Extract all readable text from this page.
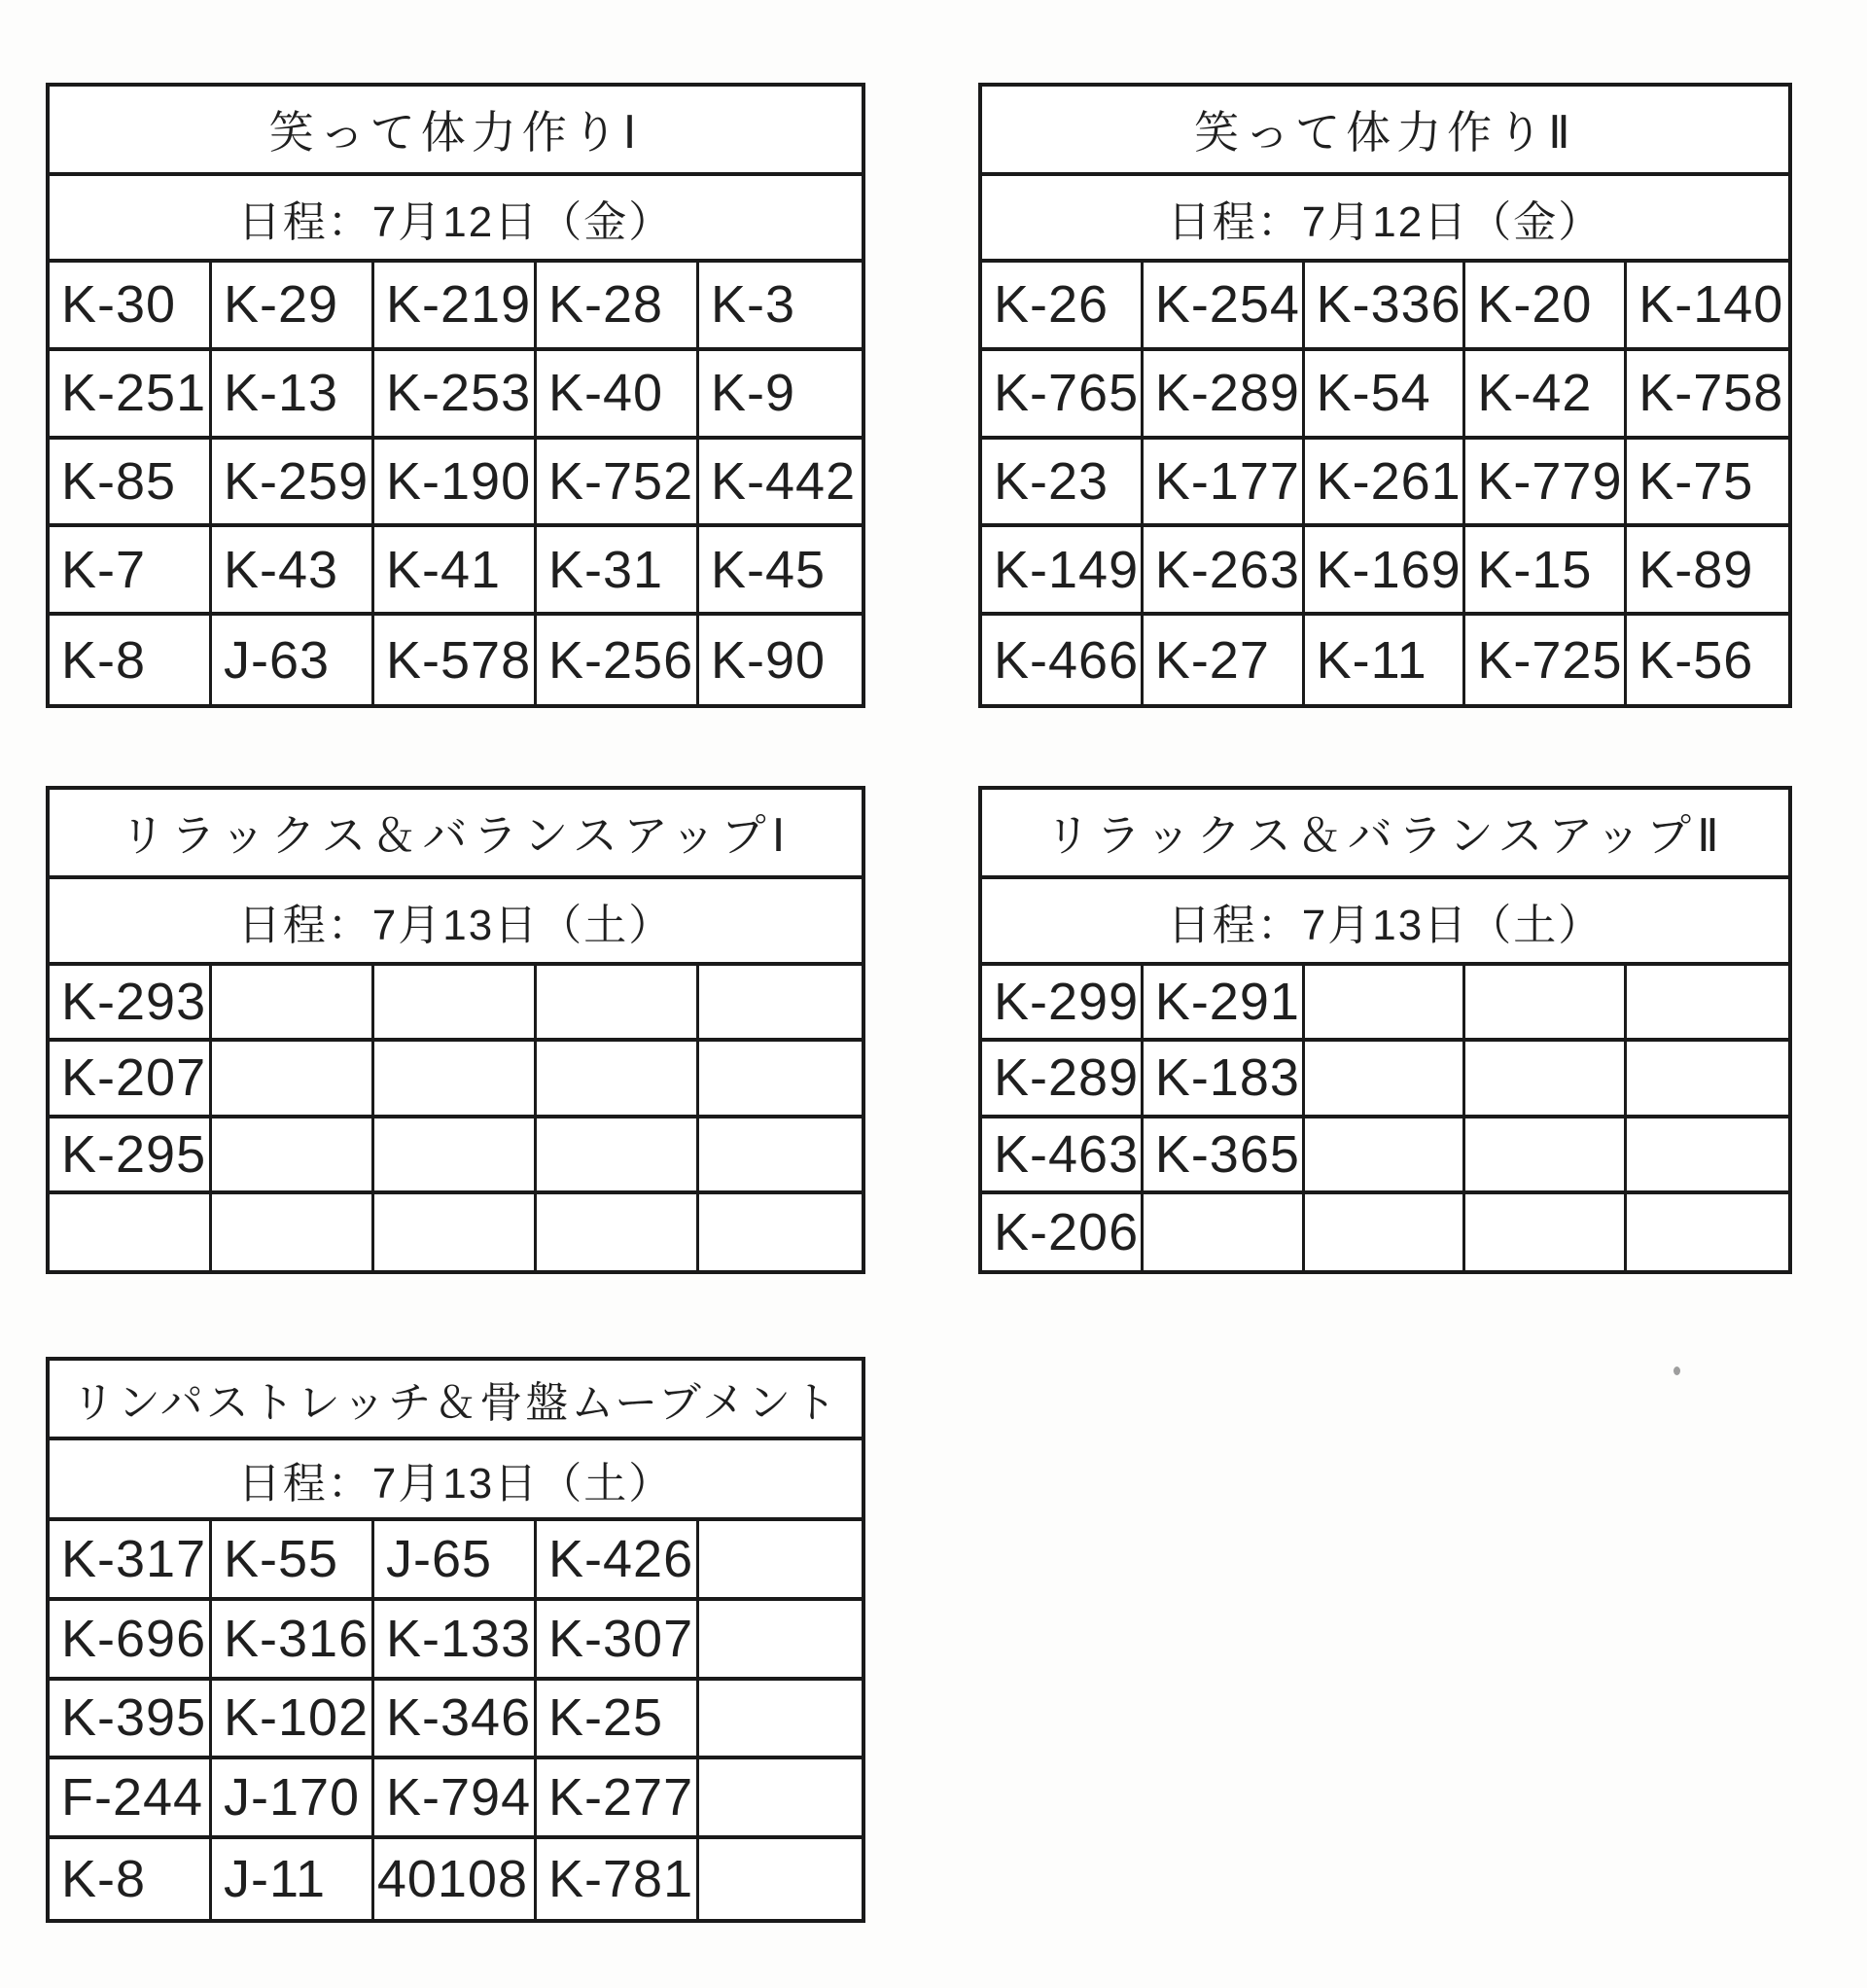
笑って体力作りⅠ
日程：7月12日（金）
K-30 K-29 K-219 K-28 K-3
K-251 K-13 K-253 K-40 K-9
K-85 K-259 K-190 K-752 K-442
K-7	K-43 K-41 K-31 K-45
K-8	J-63	K-578 K-256 K-90
笑って体力作りⅡ
日程：7月12日（金）
K-26 K-254 K-336 K-20 K-140
K-765 K-289 K-54 K-42 K-758
K-23 K-177 K-261 K-779 K-75
K-149 K-263 K-169 K-15 K-89
K-466 K-27 K-11 K-725 K-56
リラックス＆バランスアップⅠ
日程：7月13日（土）
K-293
K-207
K-295
リラックス＆バランスアップⅡ
日程：7月13日（土）
K-299 K-291
K-289 K-183
K-463 K-365
K-206
リンパストレッチ＆骨盤ムーブメント
日程：7月13日（土）
K-317 K-55 J-65	K-426
K-696 K-316 K-133 K-307
K-395 K-102 K-346 K-25
F-244 J-170 K-794 K-277
K-8	J-11 40108 K-781
